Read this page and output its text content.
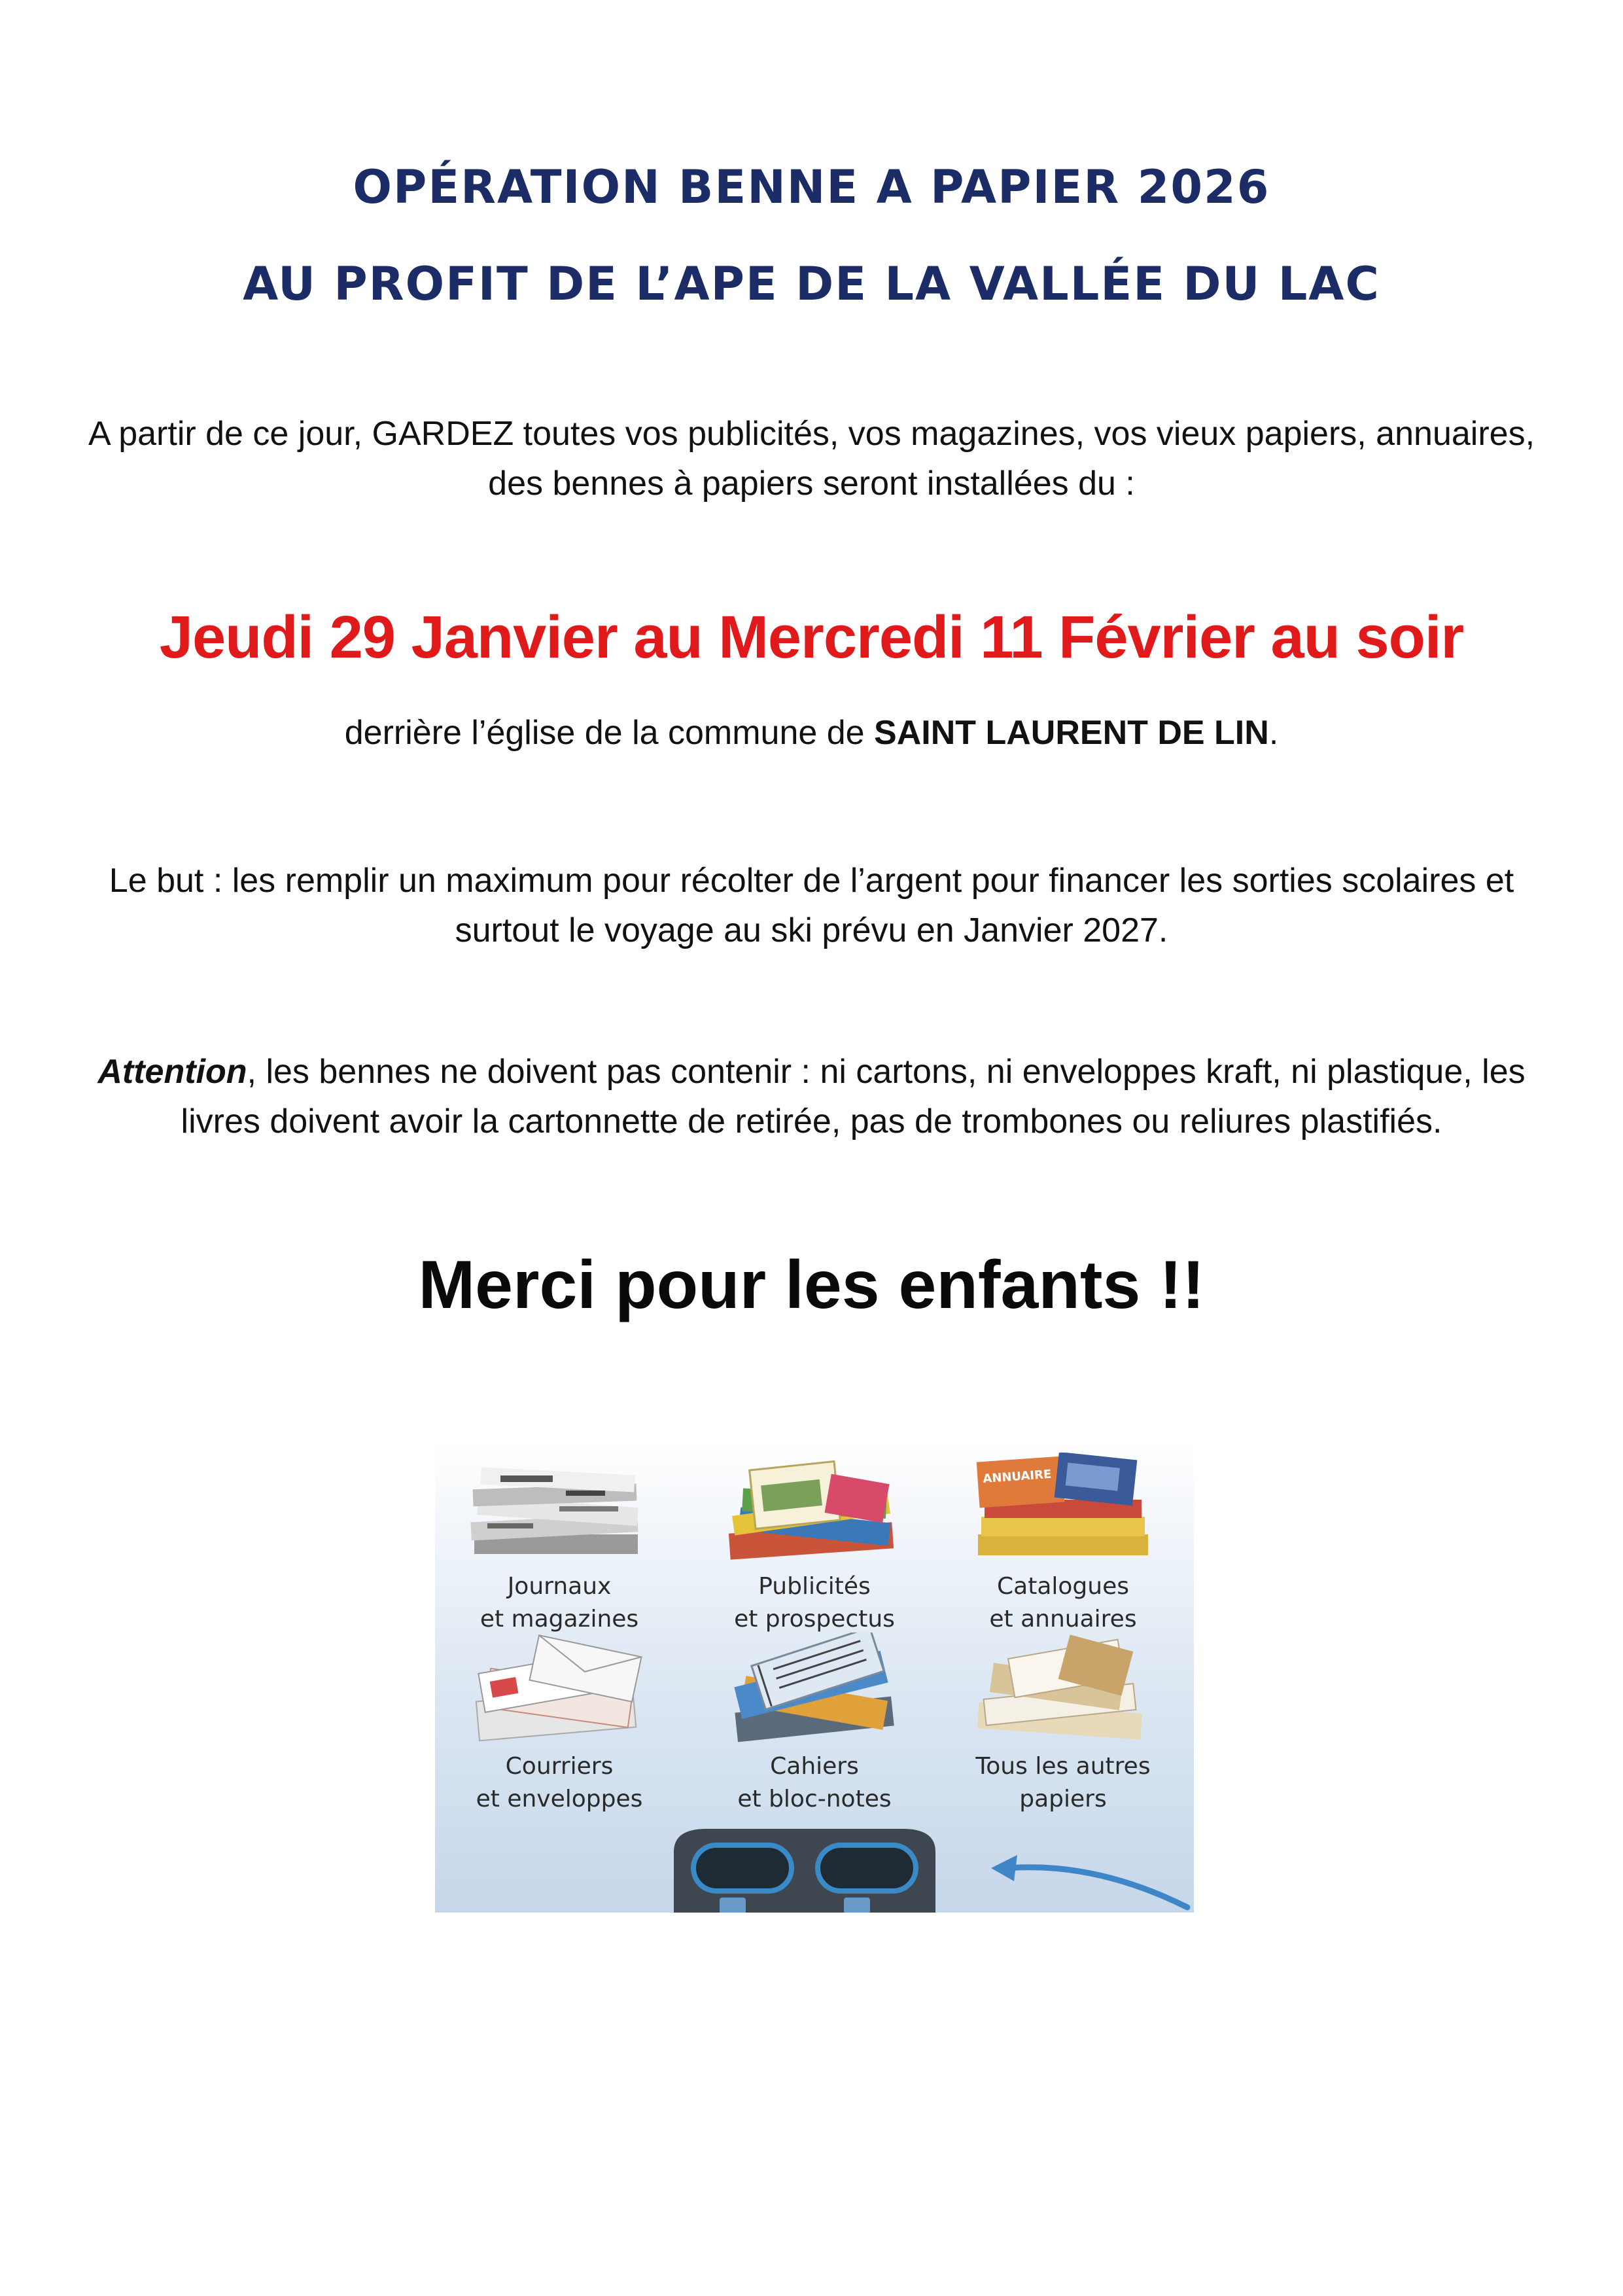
OPÉRATION BENNE A PAPIER 2026
AU PROFIT DE L’APE DE LA VALLÉE DU LAC
A partir de ce jour, GARDEZ toutes vos publicités, vos magazines, vos vieux papiers, annuaires, des bennes à papiers seront installées du :
Jeudi 29 Janvier au Mercredi 11 Février au soir
derrière l’église de la commune de SAINT LAURENT DE LIN.
Le but : les remplir un maximum pour récolter de l’argent pour financer les sorties scolaires et surtout le voyage au ski prévu en Janvier 2027.
Attention, les bennes ne doivent pas contenir : ni cartons, ni enveloppes kraft, ni plastique, les livres doivent avoir la cartonnette de retirée, pas de trombones ou reliures plastifiés.
Merci pour les enfants !!
Journaux
et magazines
Publicités
et prospectus
ANNUAIRE
Catalogues
et annuaires
Courriers
et enveloppes
Cahiers
et bloc-notes
Tous les autres
papiers
